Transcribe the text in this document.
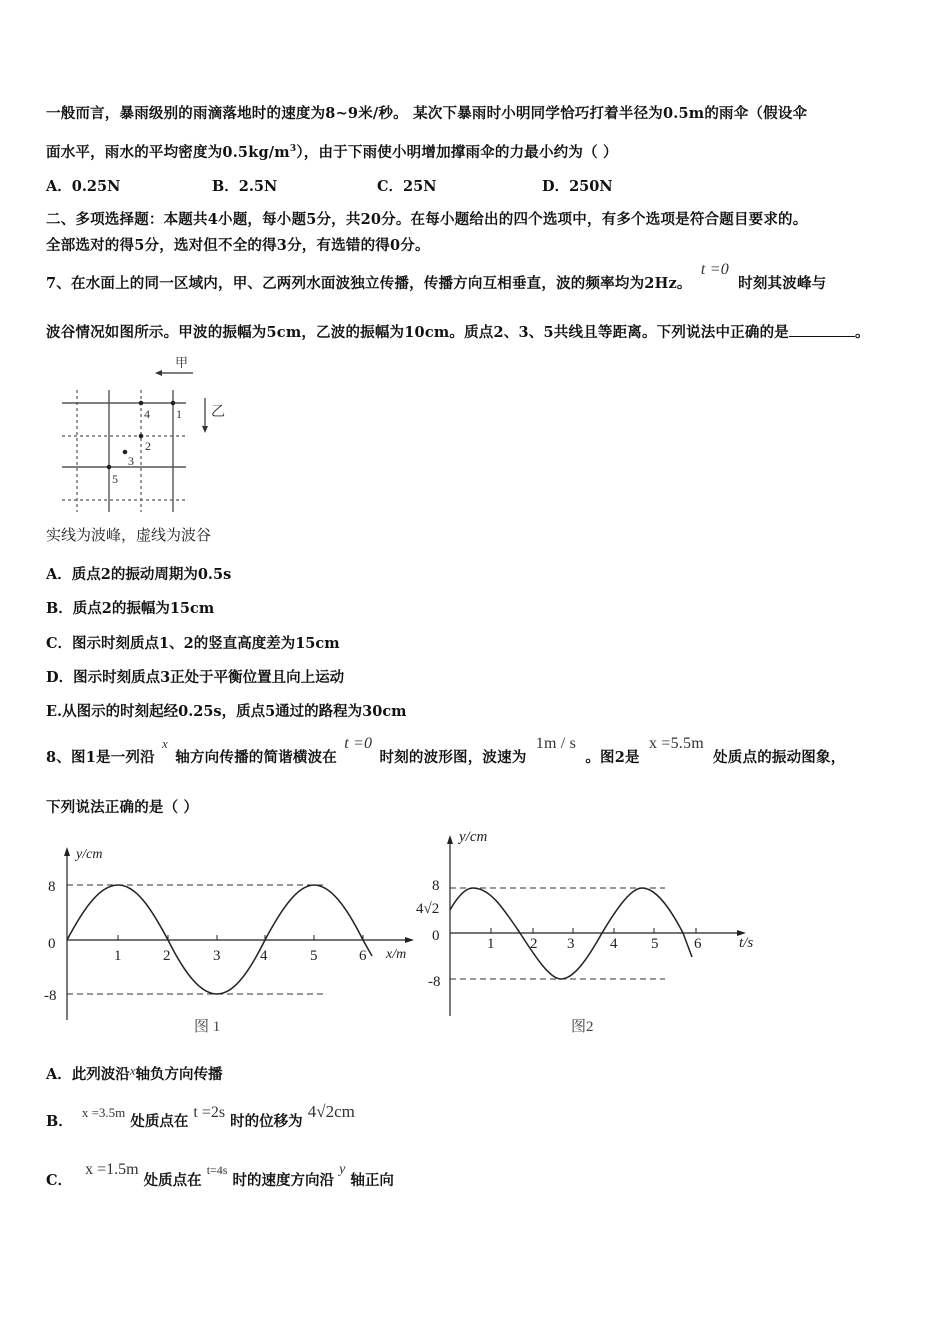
一般而言，暴雨级别的雨滴落地时的速度为8~9米/秒。 某次下暴雨时小明同学恰巧打着半径为0.5m的雨伞（假设伞
面水平，雨水的平均密度为$0.5kg/m^3$），由于下雨使小明增加撑雨伞的力最小约为（ ）
A．0.25N	B．2.5N	C．25N	D．250N
二、多项选择题：本题共4小题，每小题5分，共20分。在每小题给出的四个选项中，有多个选项是符合题目要求的。
全部选对的得5分，选对但不全的得3分，有选错的得0分。
7、在水面上的同一区域内，甲、乙两列水面波独立传播，传播方向互相垂直，波的频率均为2Hz。 t =0 时刻其波峰与
波谷情况如图所示。甲波的振幅为5cm，乙波的振幅为10cm。质点2、3、5共线且等距离。下列说法中正确的是	。
甲
乙
1
2
3
4
5
实线为波峰，虚线为波谷
A．质点2的振动周期为0.5s
B．质点2的振幅为15cm
C．图示时刻质点1、2的竖直高度差为15cm
D．图示时刻质点3正处于平衡位置且向上运动
E.从图示的时刻起经0.25s，质点5通过的路程为30cm
8、图1是一列沿 x 轴方向传播的简谐横波在 t =0 时刻的波形图，波速为 1m / s 。图2是 x =5.5m 处质点的振动图象，
下列说法正确的是（ ）
8
0
-8
1	2	3	4	5	6
y/cm
x/m
图 1
8
4√2
0
-8
1 2 3 4 5 6
y/cm
t/s
图2
A．此列波沿x轴负方向传播
B． x =3.5m 处质点在 t =2s 时的位移为 4√2cm
C． x =1.5m 处质点在 $^{t=4s}$ 时的速度方向沿 y 轴正向
